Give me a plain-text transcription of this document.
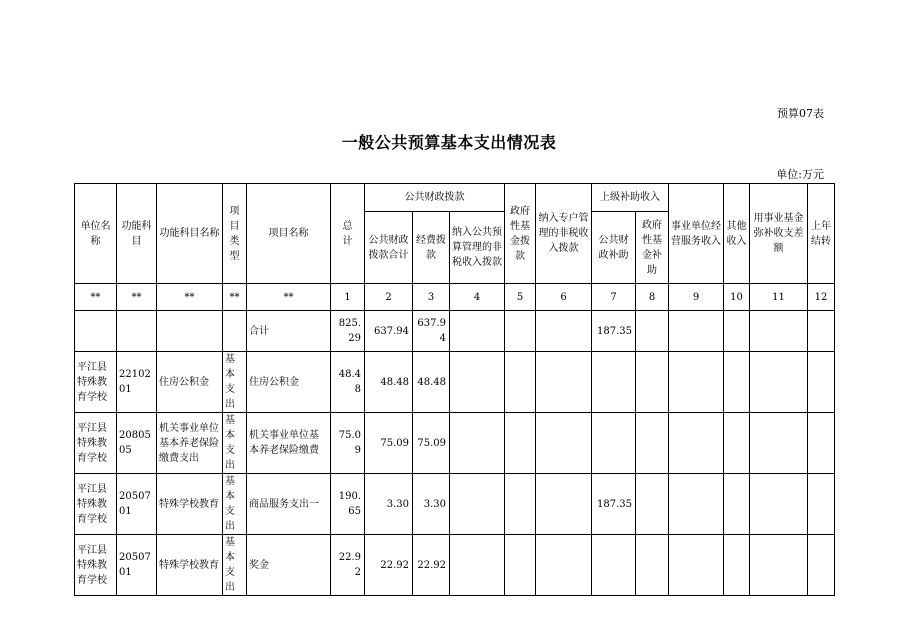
预算07表
一般公共预算基本支出情况表
单位:万元
单位名称	功能科目	功能科目名称	项目类型	项目名称	总　计	公共财政拨款			政府性基金拨款	纳入专户管理的非税收入拨款	上级补助收入		事业单位经营服务收入	其他收入	用事业基金弥补收支差额	上年结转
						公共财政拨款合计	经费拨款	纳入公共预算管理的非税收入拨款			公共财政补助	政府性基金补助				
**	**	**	**	**	1	2	3	4	5	6	7	8	9	10	11	12
				合计	825.29	637.94	637.94				187.35					
平江县特殊教育学校	2210201	住房公积金	基本支出	住房公积金	48.48	48.48	48.48									
平江县特殊教育学校	2080505	机关事业单位基本养老保险缴费支出	基本支出	机关事业单位基本养老保险缴费	75.09	75.09	75.09									
平江县特殊教育学校	2050701	特殊学校教育	基本支出	商品服务支出一	190.65	3.30	3.30				187.35					
平江县特殊教育学校	2050701	特殊学校教育	基本支出	奖金	22.92	22.92	22.92									
